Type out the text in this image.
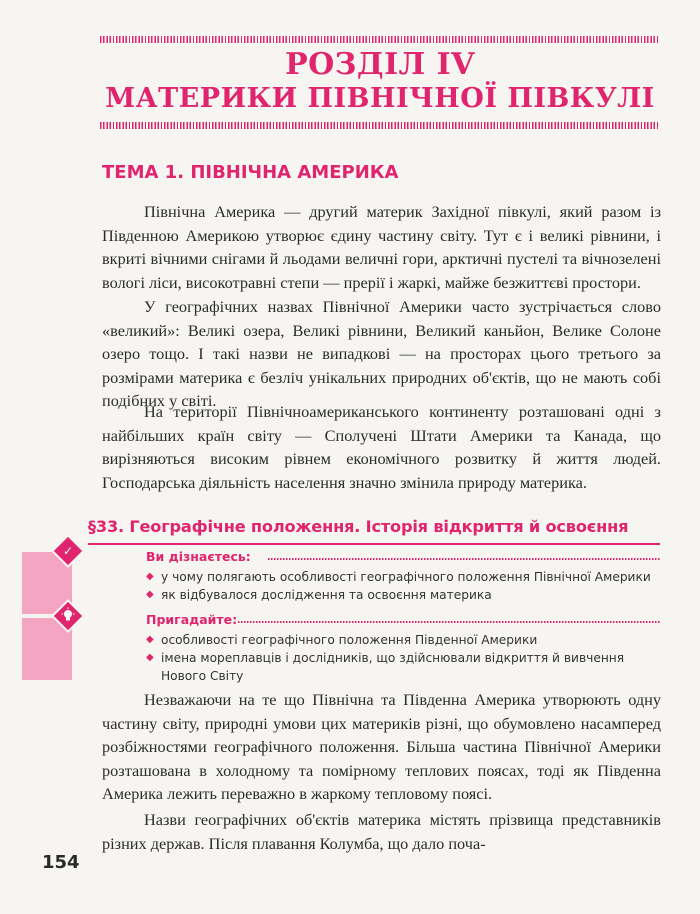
РОЗДІЛ IV
МАТЕРИКИ ПІВНІЧНОЇ ПІВКУЛІ
ТЕМА 1. ПІВНІЧНА АМЕРИКА

Північна Америка — другий материк Західної півкулі, який разом із Південною Америкою утворює єдину частину світу. Тут є і великі рівнини, і вкриті вічними снігами й льодами величні гори, арктичні пустелі та вічнозелені вологі ліси, високотравні степи — прерії і жаркі, майже безжиттєві простори.

У географічних назвах Північної Америки часто зустрічається слово «великий»: Великі озера, Великі рівнини, Великий каньйон, Велике Солоне озеро тощо. І такі назви не випадкові — на просторах цього третього за розмірами материка є безліч унікальних природних об'єктів, що не мають собі подібних у світі.

На території Північноамериканського континенту розташовані одні з найбільших країн світу — Сполучені Штати Америки та Канада, що вирізняються високим рівнем економічного розвитку й життя людей. Господарська діяльність населення значно змінила природу материка.

§33. Географічне положення. Історія відкриття й освоєння
✓	Ви дізнаєтесь:
◆ у чому полягають особливості географічного положення Північної Америки
◆ як відбувалося дослідження та освоєння материка
Пригадайте:
◆ особливості географічного положення Південної Америки
◆ імена мореплавців і дослідників, що здійснювали відкриття й вивчення Нового Світу

Незважаючи на те що Північна та Південна Америка утворюють одну частину світу, природні умови цих материків різні, що обумовлено насамперед розбіжностями географічного положення. Більша частина Північної Америки розташована в холодному та помірному теплових поясах, тоді як Південна Америка лежить переважно в жаркому тепловому поясі.

Назви географічних об'єктів материка містять прізвища представників різних держав. Після плавання Колумба, що дало поча-

154
